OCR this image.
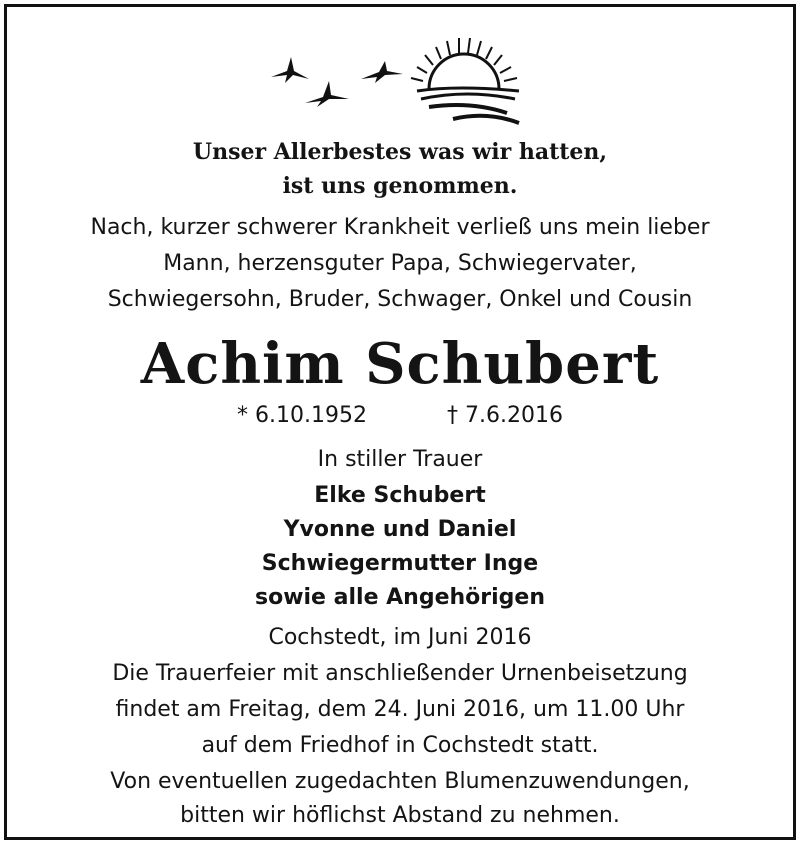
Unser Allerbestes was wir hatten,
ist uns genommen.
Nach, kurzer schwerer Krankheit verließ uns mein lieber
Mann, herzensguter Papa, Schwiegervater,
Schwiegersohn, Bruder, Schwager, Onkel und Cousin
Achim Schubert
* 6.10.1952	† 7.6.2016
In stiller Trauer
Elke Schubert
Yvonne und Daniel
Schwiegermutter Inge
sowie alle Angehörigen
Cochstedt, im Juni 2016
Die Trauerfeier mit anschließender Urnenbeisetzung
findet am Freitag, dem 24. Juni 2016, um 11.00 Uhr
auf dem Friedhof in Cochstedt statt.
Von eventuellen zugedachten Blumenzuwendungen,
bitten wir höflichst Abstand zu nehmen.
